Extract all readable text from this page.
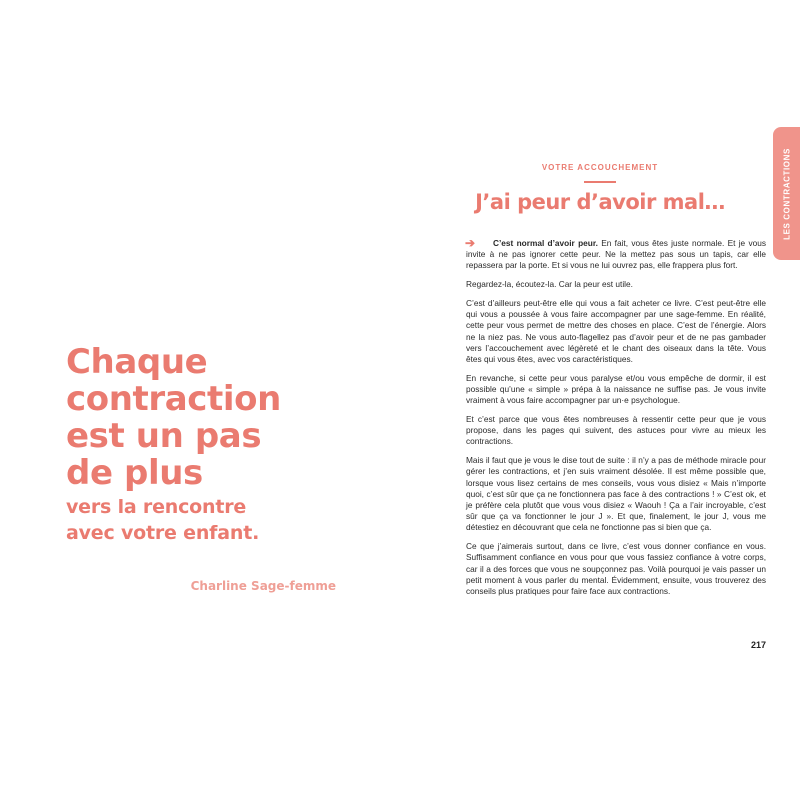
Chaque
contraction
est un pas
de plus

vers la rencontre
avec votre enfant.

Charline Sage-femme
VOTRE ACCOUCHEMENT
J’ai peur d’avoir mal…	LES CONTRACTIONS

➔ C’est normal d’avoir peur. En fait, vous êtes juste normale. Et je vous invite à ne pas ignorer cette peur. Ne la mettez pas sous un tapis, car elle repassera par la porte. Et si vous ne lui ouvrez pas, elle frappera plus fort.

Regardez-la, écoutez-la. Car la peur est utile.

C’est d’ailleurs peut-être elle qui vous a fait acheter ce livre. C’est peut-être elle qui vous a poussée à vous faire accompagner par une sage-femme. En réalité, cette peur vous permet de mettre des choses en place. C’est de l’énergie. Alors ne la niez pas. Ne vous auto-flagellez pas d’avoir peur et de ne pas gambader vers l’accouchement avec légèreté et le chant des oiseaux dans la tête. Vous êtes qui vous êtes, avec vos caractéristiques.

En revanche, si cette peur vous paralyse et/ou vous empêche de dormir, il est possible qu’une « simple » prépa à la naissance ne suffise pas. Je vous invite vraiment à vous faire accompagner par un·e psychologue.

Et c’est parce que vous êtes nombreuses à ressentir cette peur que je vous propose, dans les pages qui suivent, des astuces pour vivre au mieux les contractions.

Mais il faut que je vous le dise tout de suite : il n’y a pas de méthode miracle pour gérer les contractions, et j’en suis vraiment désolée. Il est même possible que, lorsque vous lisez certains de mes conseils, vous vous disiez « Mais n’importe quoi, c’est sûr que ça ne fonctionnera pas face à des contractions ! » C’est ok, et je préfère cela plutôt que vous vous disiez « Waouh ! Ça a l’air incroyable, c’est sûr que ça va fonctionner le jour J ». Et que, finalement, le jour J, vous me détestiez en découvrant que cela ne fonctionne pas si bien que ça.

Ce que j’aimerais surtout, dans ce livre, c’est vous donner confiance en vous. Suffisamment confiance en vous pour que vous fassiez confiance à votre corps, car il a des forces que vous ne soupçonnez pas. Voilà pourquoi je vais passer un petit moment à vous parler du mental. Évidemment, ensuite, vous trouverez des conseils plus pratiques pour faire face aux contractions.

217
